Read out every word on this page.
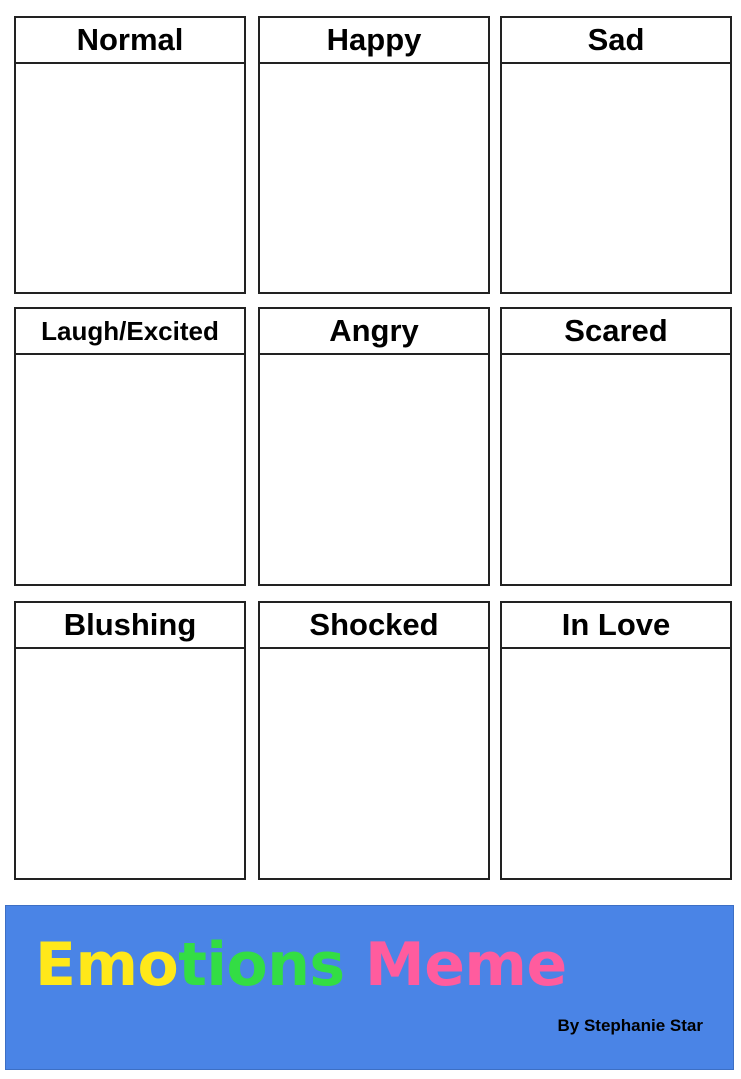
Normal	Happy	Sad
Laugh/Excited	Angry	Scared
Blushing	Shocked	In Love
Emotions Meme
By Stephanie Star
